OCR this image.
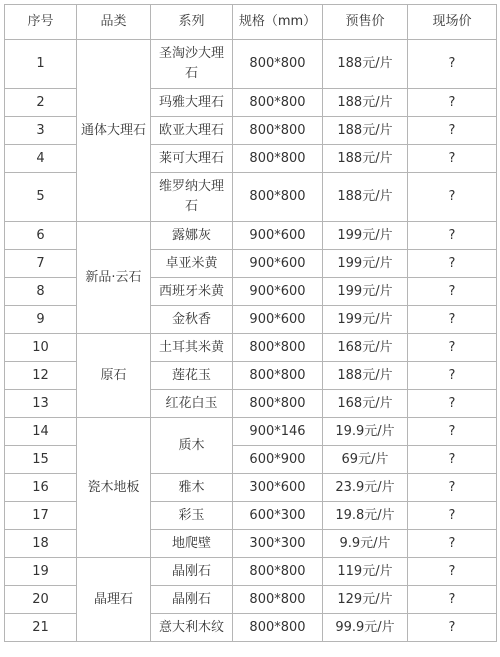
序号	品类	系列	规格（mm）	预售价	现场价
1	通体大理石	圣淘沙大理石	800*800	188元/片	?
2		玛雅大理石	800*800	188元/片	?
3		欧亚大理石	800*800	188元/片	?
4		莱可大理石	800*800	188元/片	?
5		维罗纳大理石	800*800	188元/片	?
6	新品·云石	露娜灰	900*600	199元/片	?
7		卓亚米黄	900*600	199元/片	?
8		西班牙米黄	900*600	199元/片	?
9		金秋香	900*600	199元/片	?
10	原石	土耳其米黄	800*800	168元/片	?
12		莲花玉	800*800	188元/片	?
13		红花白玉	800*800	168元/片	?
14	瓷木地板	质木	900*146	19.9元/片	?
15			600*900	69元/片	?
16		雅木	300*600	23.9元/片	?
17		彩玉	600*300	19.8元/片	?
18		地爬壁	300*300	9.9元/片	?
19	晶理石	晶刚石	800*800	119元/片	?
20		晶刚石	800*800	129元/片	?
21		意大利木纹	800*800	99.9元/片	?
